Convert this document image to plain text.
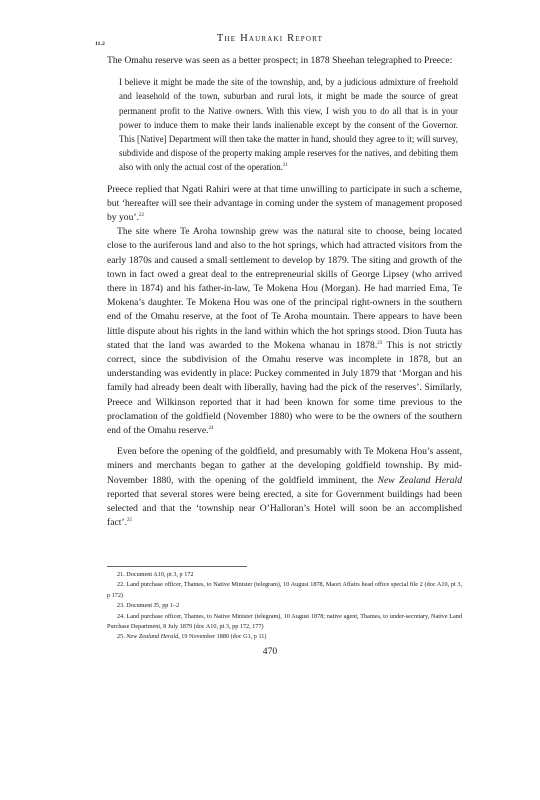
11.2	The Hauraki Report

The Omahu reserve was seen as a better prospect; in 1878 Sheehan telegraphed to Preece:

I believe it might be made the site of the township, and, by a judicious admixture of freehold and leasehold of the town, suburban and rural lots, it might be made the source of great permanent profit to the Native owners. With this view, I wish you to do all that is in your power to induce them to make their lands inalienable except by the consent of the Governor. This [Native] Department will then take the matter in hand, should they agree to it; will survey, subdivide and dispose of the property making ample reserves for the natives, and debiting them also with only the actual cost of the operation.$^{21}$

Preece replied that Ngati Rahiri were at that time unwilling to participate in such a scheme, but ‘hereafter will see their advantage in coming under the system of management proposed by you’.$^{22}$

The site where Te Aroha township grew was the natural site to choose, being located close to the auriferous land and also to the hot springs, which had attracted visitors from the early 1870s and caused a small settlement to develop by 1879. The siting and growth of the town in fact owed a great deal to the entrepreneurial skills of George Lipsey (who arrived there in 1874) and his father-in-law, Te Mokena Hou (Morgan). He had married Ema, Te Mokena’s daughter. Te Mokena Hou was one of the principal right-owners in the southern end of the Omahu reserve, at the foot of Te Aroha mountain. There appears to have been little dispute about his rights in the land within which the hot springs stood. Dion Tuuta has stated that the land was awarded to the Mokena whanau in 1878.23 This is not strictly correct, since the subdivision of the Omahu reserve was incomplete in 1878, but an understanding was evidently in place: Puckey commented in July 1879 that ‘Morgan and his family had already been dealt with liberally, having had the pick of the reserves’. Similarly, Preece and Wilkinson reported that it had been known for some time previous to the proclamation of the goldfield (November 1880) who were to be the owners of the southern end of the Omahu reserve.$^{24}$

Even before the opening of the goldfield, and presumably with Te Mokena Hou’s assent, miners and merchants began to gather at the developing goldfield township. By mid-November 1880, with the opening of the goldfield imminent, the New Zealand Herald reported that several stores were being erected, a site for Government buildings had been selected and that the ‘township near O’Halloran’s Hotel will soon be an accomplished fact’.$^{25}$

21. Document A10, pt 3, p 172

22. Land purchase officer, Thames, to Native Minister (telegram), 10 August 1878, Maori Affairs head office special file 2 (doc A10, pt 3, p 172)

23. Document J5, pp 1–2

24. Land purchase officer, Thames, to Native Minister (telegram), 10 August 1878; native agent, Thames, to under-secretary, Native Land Purchase Department, 8 July 1879 (doc A10, pt 3, pp 172, 177)

25. New Zealand Herald, 19 November 1880 (doc G1, p 11)

470
